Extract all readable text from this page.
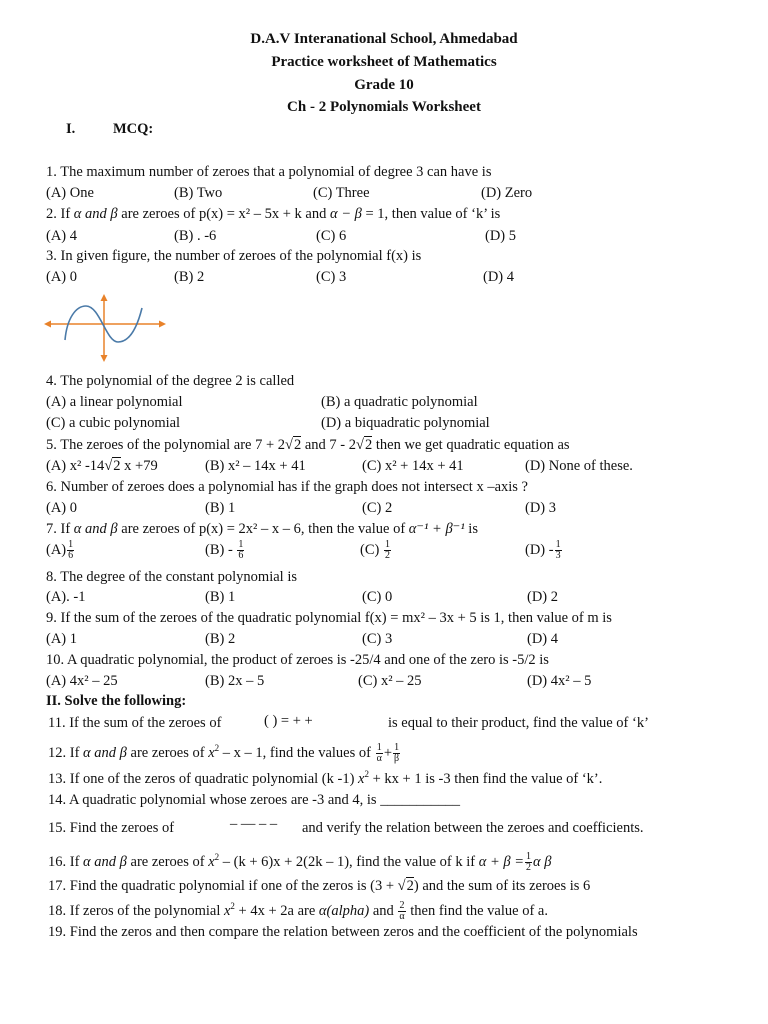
D.A.V Interanational School, Ahmedabad
Practice worksheet of Mathematics
Grade 10
Ch - 2 Polynomials Worksheet
I.	MCQ:
1. The maximum number of zeroes that a polynomial of degree 3 can have is
(A) One	(B) Two	(C) Three	(D) Zero
2. If α and β are zeroes of p(x) = x² – 5x + k and α − β = 1, then value of ‘k’ is
(A) 4	(B) . -6	(C) 6	(D) 5
3. In given figure, the number of zeroes of the polynomial f(x) is
(A) 0	(B) 2	(C) 3	(D) 4
4. The polynomial of the degree 2 is called
(A) a linear polynomial	(B) a quadratic polynomial
(C) a cubic polynomial	(D) a biquadratic polynomial
5. The zeroes of the polynomial are 7 + 2√2 and 7 - 2√2 then we get quadratic equation as
(A) x² -14√2 x +79	(B) x² – 14x + 41	(C) x² + 14x + 41	(D) None of these.
6. Number of zeroes does a polynomial has if the graph does not intersect x –axis ?
(A) 0	(B) 1	(C) 2	(D) 3
7. If α and β are zeroes of p(x) = 2x² – x – 6, then the value of α⁻¹ + β⁻¹ is
$(A) \frac{1}{6}$	$(B) - \frac{1}{6}$	$(C) \frac{1}{2}$	$(D) - \frac{1}{3}$
8. The degree of the constant polynomial is
(A). -1	(B) 1	(C) 0	(D) 2
9. If the sum of the zeroes of the quadratic polynomial f(x) = mx² – 3x + 5 is 1, then value of m is
(A) 1	(B) 2	(C) 3	(D) 4
10. A quadratic polynomial, the product of zeroes is -25/4 and one of the zero is -5/2 is
(A) 4x² – 25	(B) 2x – 5	(C) x² – 25	(D) 4x² – 5
II. Solve the following:
11. If the sum of the zeroes of	( ) = + +	is equal to their product, find the value of ‘k’
12. If α and β are zeroes of $x^2$ – x – 1, find the values of $\frac{1}{\alpha} + \frac{1}{\beta}$
13. If one of the zeros of quadratic polynomial (k -1) $x^2$ + kx + 1 is -3 then find the value of ‘k’.
14. A quadratic polynomial whose zeroes are -3 and 4, is ___________
15. Find the zeroes of	– — – – and verify the relation between the zeroes and coefficients.
16. If α and β are zeroes of $x^2 - (k + 6)x + 2(2k - 1)$, find the value of k if $\alpha + \beta = \frac{1}{2}$ α β
17. Find the quadratic polynomial if one of the zeros is (3 + √2) and the sum of its zeroes is 6
18. If zeros of the polynomial $x^2 + 4x + 2a$ are α(alpha) and $\frac{2}{\alpha}$ then find the value of a.
19. Find the zeros and then compare the relation between zeros and the coefficient of the polynomials
